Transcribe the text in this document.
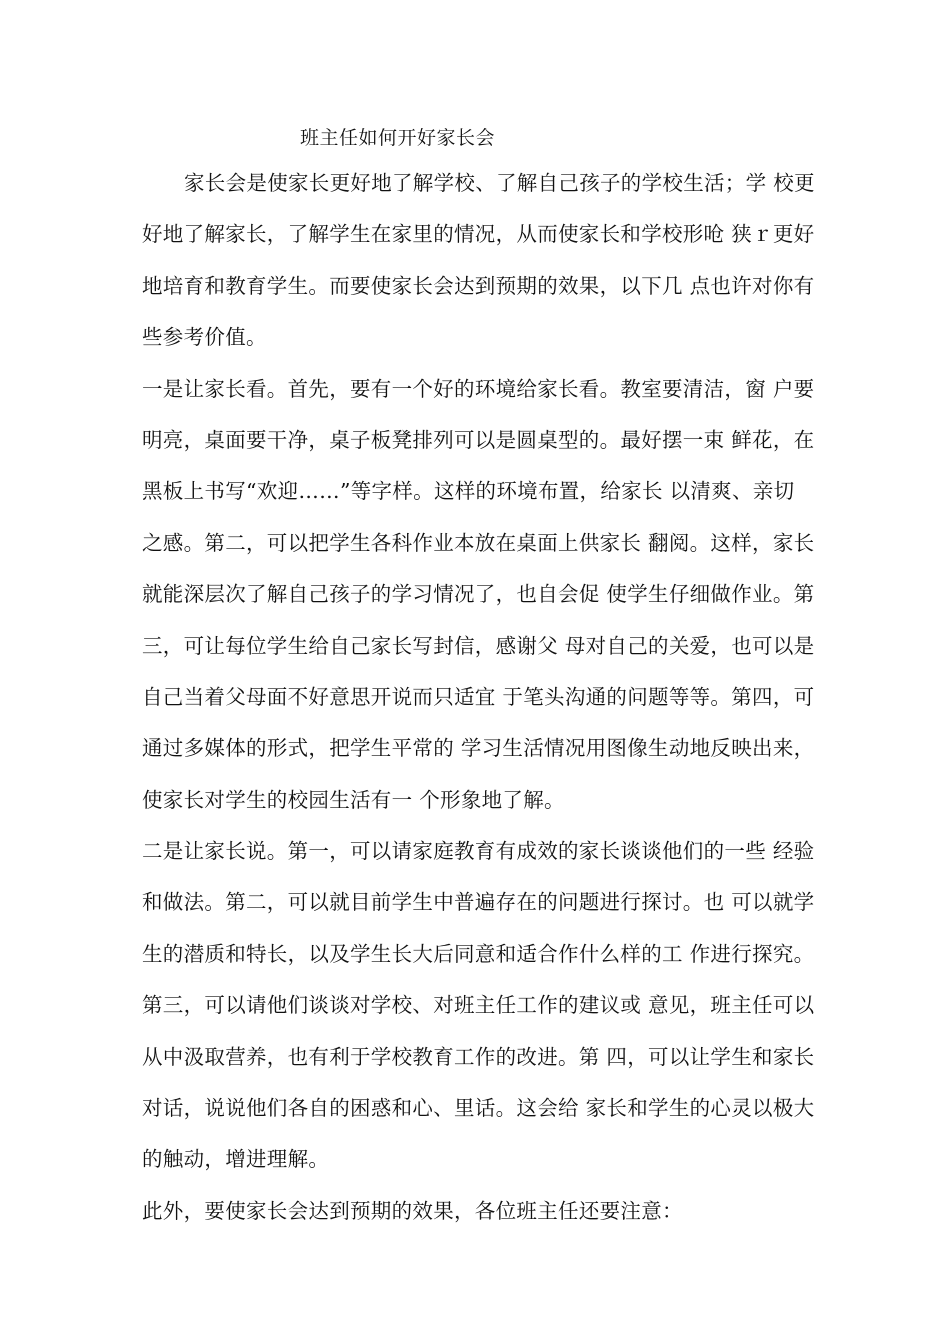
班主任如何开好家长会
家长会是使家长更好地了解学校、了解自己孩子的学校生活；学 校更
好地了解家长，了解学生在家里的情况，从而使家长和学校形呛 狭ｒ更好
地培育和教育学生。而要使家长会达到预期的效果，以下几 点也许对你有
些参考价值。
一是让家长看。首先，要有一个好的环境给家长看。教室要清洁，窗 户要
明亮，桌面要干净，桌子板凳排列可以是圆桌型的。最好摆一束 鲜花，在
黑板上书写“欢迎……”等字样。这样的环境布置，给家长 以清爽、亲切
之感。第二，可以把学生各科作业本放在桌面上供家长 翻阅。这样，家长
就能深层次了解自己孩子的学习情况了，也自会促 使学生仔细做作业。第
三，可让每位学生给自己家长写封信，感谢父 母对自己的关爱，也可以是
自己当着父母面不好意思开说而只适宜 于笔头沟通的问题等等。第四，可
通过多媒体的形式，把学生平常的 学习生活情况用图像生动地反映出来，
使家长对学生的校园生活有一 个形象地了解。
二是让家长说。第一，可以请家庭教育有成效的家长谈谈他们的一些 经验
和做法。第二，可以就目前学生中普遍存在的问题进行探讨。也 可以就学
生的潜质和特长，以及学生长大后同意和适合作什么样的工 作进行探究。
第三，可以请他们谈谈对学校、对班主任工作的建议或 意见，班主任可以
从中汲取营养，也有利于学校教育工作的改进。第 四，可以让学生和家长
对话，说说他们各自的困惑和心、里话。这会给 家长和学生的心灵以极大
的触动，增进理解。
此外，要使家长会达到预期的效果，各位班主任还要注意：
